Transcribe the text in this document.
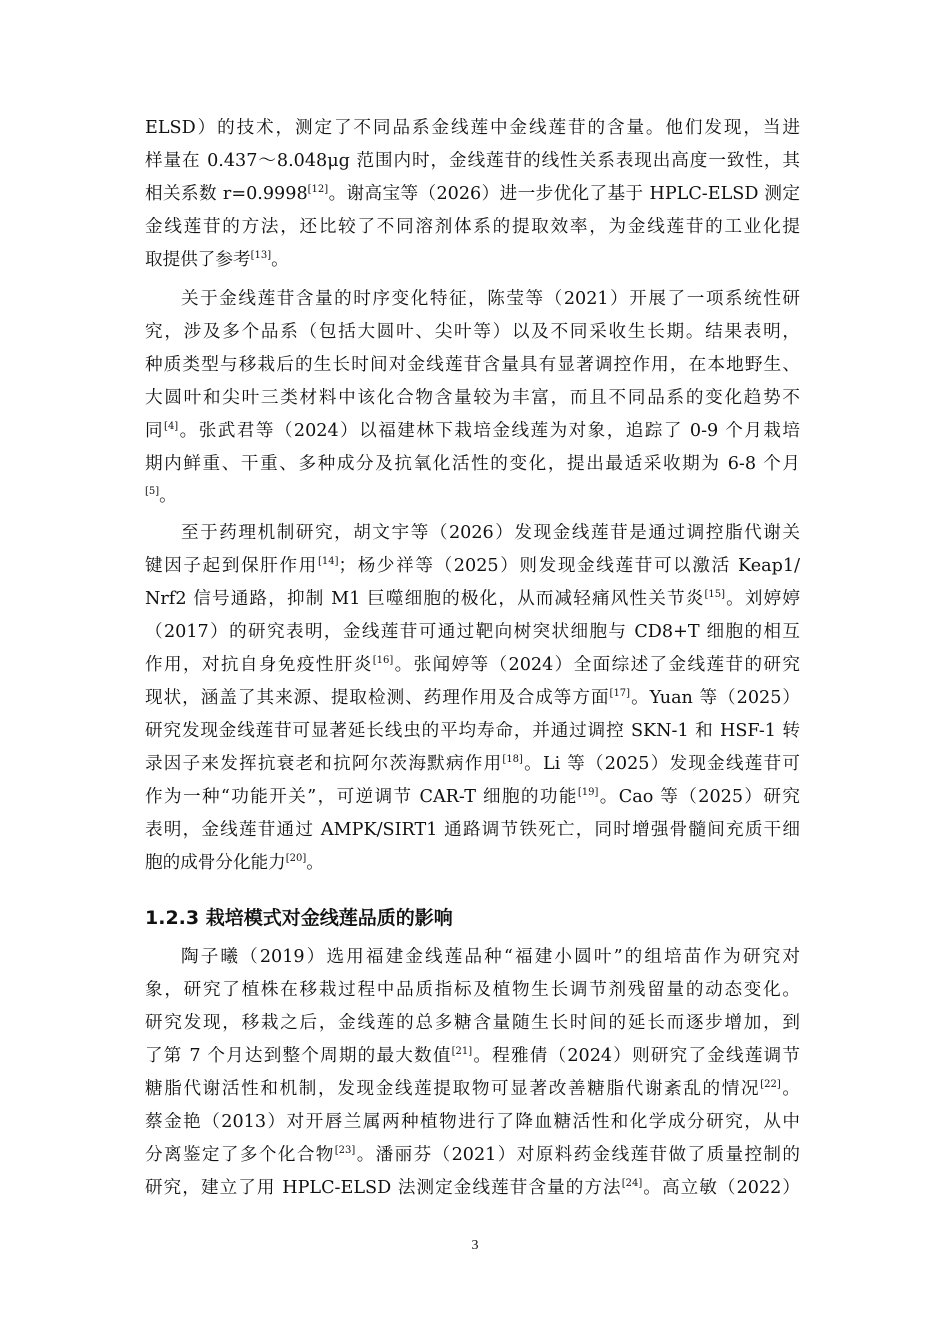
ELSD）的技术，测定了不同品系金线莲中金线莲苷的含量。他们发现，当进

样量在 0.437～8.048μg 范围内时，金线莲苷的线性关系表现出高度一致性，其

相关系数 r=0.9998[12]。谢高宝等（2026）进一步优化了基于 HPLC-ELSD 测定

金线莲苷的方法，还比较了不同溶剂体系的提取效率，为金线莲苷的工业化提

取提供了参考[13]。

关于金线莲苷含量的时序变化特征，陈莹等（2021）开展了一项系统性研

究，涉及多个品系（包括大圆叶、尖叶等）以及不同采收生长期。结果表明，

种质类型与移栽后的生长时间对金线莲苷含量具有显著调控作用，在本地野生、

大圆叶和尖叶三类材料中该化合物含量较为丰富，而且不同品系的变化趋势不

同[4]。张武君等（2024）以福建林下栽培金线莲为对象，追踪了 0-9 个月栽培

期内鲜重、干重、多种成分及抗氧化活性的变化，提出最适采收期为 6-8 个月

[5]。

至于药理机制研究，胡文宇等（2026）发现金线莲苷是通过调控脂代谢关

键因子起到保肝作用[14]；杨少祥等（2025）则发现金线莲苷可以激活 Keap1/

Nrf2 信号通路，抑制 M1 巨噬细胞的极化，从而减轻痛风性关节炎[15]。刘婷婷

（2017）的研究表明，金线莲苷可通过靶向树突状细胞与 CD8+T 细胞的相互

作用，对抗自身免疫性肝炎[16]。张闻婷等（2024）全面综述了金线莲苷的研究

现状，涵盖了其来源、提取检测、药理作用及合成等方面[17]。Yuan 等（2025）

研究发现金线莲苷可显著延长线虫的平均寿命，并通过调控 SKN-1 和 HSF-1 转

录因子来发挥抗衰老和抗阿尔茨海默病作用[18]。Li 等（2025）发现金线莲苷可

作为一种“功能开关”，可逆调节 CAR-T 细胞的功能[19]。Cao 等（2025）研究

表明，金线莲苷通过 AMPK/SIRT1 通路调节铁死亡，同时增强骨髓间充质干细

胞的成骨分化能力[20]。

1.2.3 栽培模式对金线莲品质的影响

陶子曦（2019）选用福建金线莲品种“福建小圆叶”的组培苗作为研究对

象，研究了植株在移栽过程中品质指标及植物生长调节剂残留量的动态变化。

研究发现，移栽之后，金线莲的总多糖含量随生长时间的延长而逐步增加，到

了第 7 个月达到整个周期的最大数值[21]。程雅倩（2024）则研究了金线莲调节

糖脂代谢活性和机制，发现金线莲提取物可显著改善糖脂代谢紊乱的情况[22]。

蔡金艳（2013）对开唇兰属两种植物进行了降血糖活性和化学成分研究，从中

分离鉴定了多个化合物[23]。潘丽芬（2021）对原料药金线莲苷做了质量控制的

研究，建立了用 HPLC-ELSD 法测定金线莲苷含量的方法[24]。高立敏（2022）

3
